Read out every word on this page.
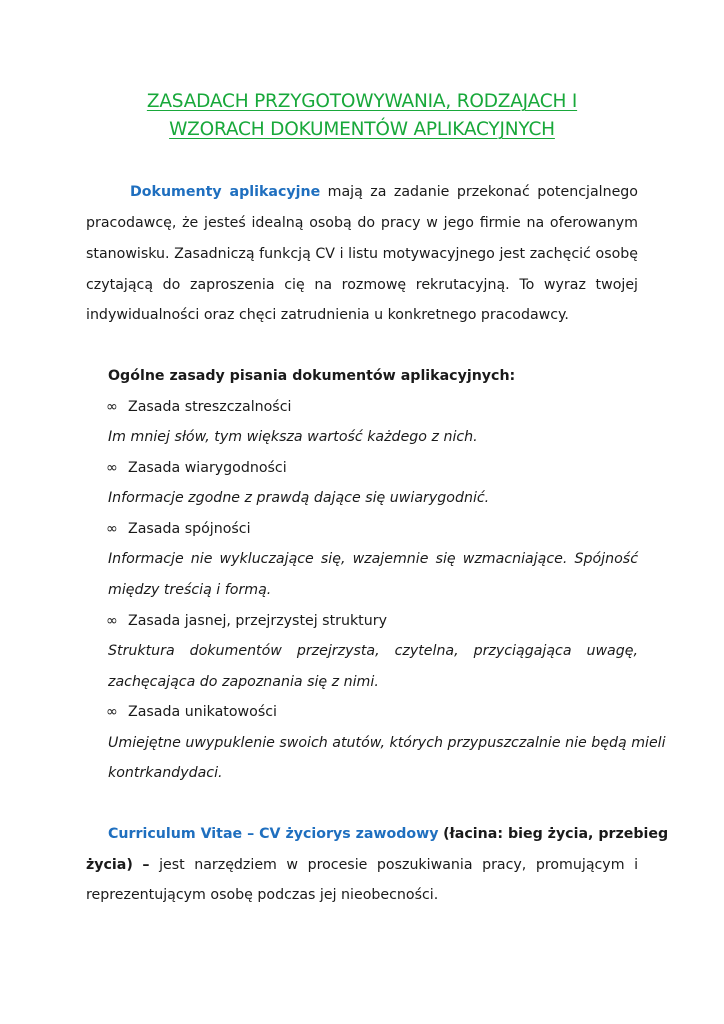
ZASADACH PRZYGOTOWYWANIA, RODZAJACH I
WZORACH DOKUMENTÓW APLIKACYJNYCH
Dokumenty aplikacyjne mają za zadanie przekonać potencjalnego
pracodawcę, że jesteś idealną osobą do pracy w jego firmie na oferowanym
stanowisku. Zasadniczą funkcją CV i listu motywacyjnego jest zachęcić osobę
czytającą do zaproszenia cię na rozmowę rekrutacyjną. To wyraz twojej
indywidualności oraz chęci zatrudnienia u konkretnego pracodawcy.
Ogólne zasady pisania dokumentów aplikacyjnych:
∞ Zasada streszczalności
Im mniej słów, tym większa wartość każdego z nich.
∞ Zasada wiarygodności
Informacje zgodne z prawdą dające się uwiarygodnić.
∞ Zasada spójności
Informacje nie wykluczające się, wzajemnie się wzmacniające. Spójność
między treścią i formą.
∞ Zasada jasnej, przejrzystej struktury
Struktura dokumentów przejrzysta, czytelna, przyciągająca uwagę,
zachęcająca do zapoznania się z nimi.
∞ Zasada unikatowości
Umiejętne uwypuklenie swoich atutów, których przypuszczalnie nie będą mieli
kontrkandydaci.
Curriculum Vitae – CV życiorys zawodowy (łacina: bieg życia, przebieg
życia) – jest narzędziem w procesie poszukiwania pracy, promującym i
reprezentującym osobę podczas jej nieobecności.
